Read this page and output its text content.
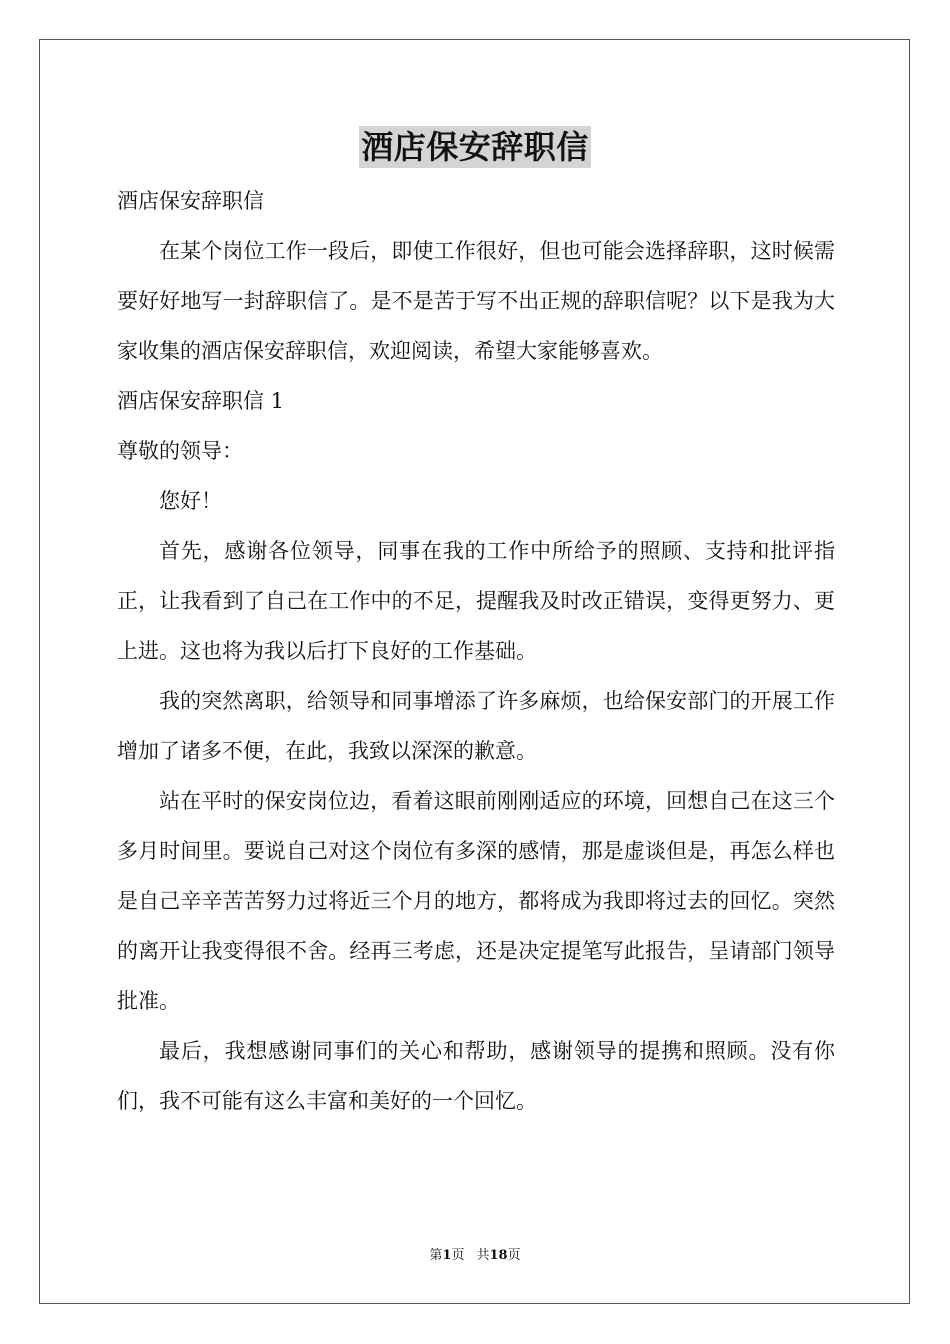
酒店保安辞职信

酒店保安辞职信

在某个岗位工作一段后，即使工作很好，但也可能会选择辞职，这时候需要好好地写一封辞职信了。是不是苦于写不出正规的辞职信呢？以下是我为大家收集的酒店保安辞职信，欢迎阅读，希望大家能够喜欢。

酒店保安辞职信 1

尊敬的领导：

您好！

首先，感谢各位领导，同事在我的工作中所给予的照顾、支持和批评指正，让我看到了自己在工作中的不足，提醒我及时改正错误，变得更努力、更上进。这也将为我以后打下良好的工作基础。

我的突然离职，给领导和同事增添了许多麻烦，也给保安部门的开展工作增加了诸多不便，在此，我致以深深的歉意。

站在平时的保安岗位边，看着这眼前刚刚适应的环境，回想自己在这三个多月时间里。要说自己对这个岗位有多深的感情，那是虚谈但是，再怎么样也是自己辛辛苦苦努力过将近三个月的地方，都将成为我即将过去的回忆。突然的离开让我变得很不舍。经再三考虑，还是决定提笔写此报告，呈请部门领导批准。

最后，我想感谢同事们的关心和帮助，感谢领导的提携和照顾。没有你们，我不可能有这么丰富和美好的一个回忆。

第1页 共18页
